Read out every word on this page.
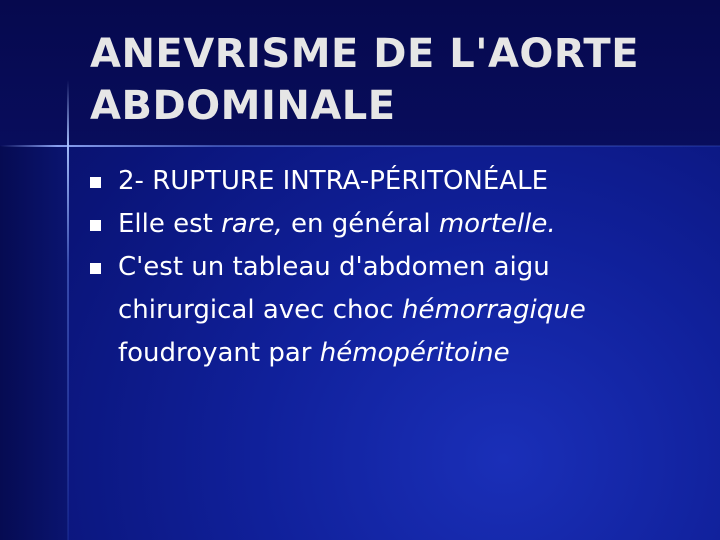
ANEVRISME DE L'AORTE
ABDOMINALE
2- RUPTURE INTRA-PÉRITONÉALE
Elle est rare, en général mortelle.
C'est un tableau d'abdomen aigu
chirurgical avec choc hémorragique
foudroyant par hémopéritoine
